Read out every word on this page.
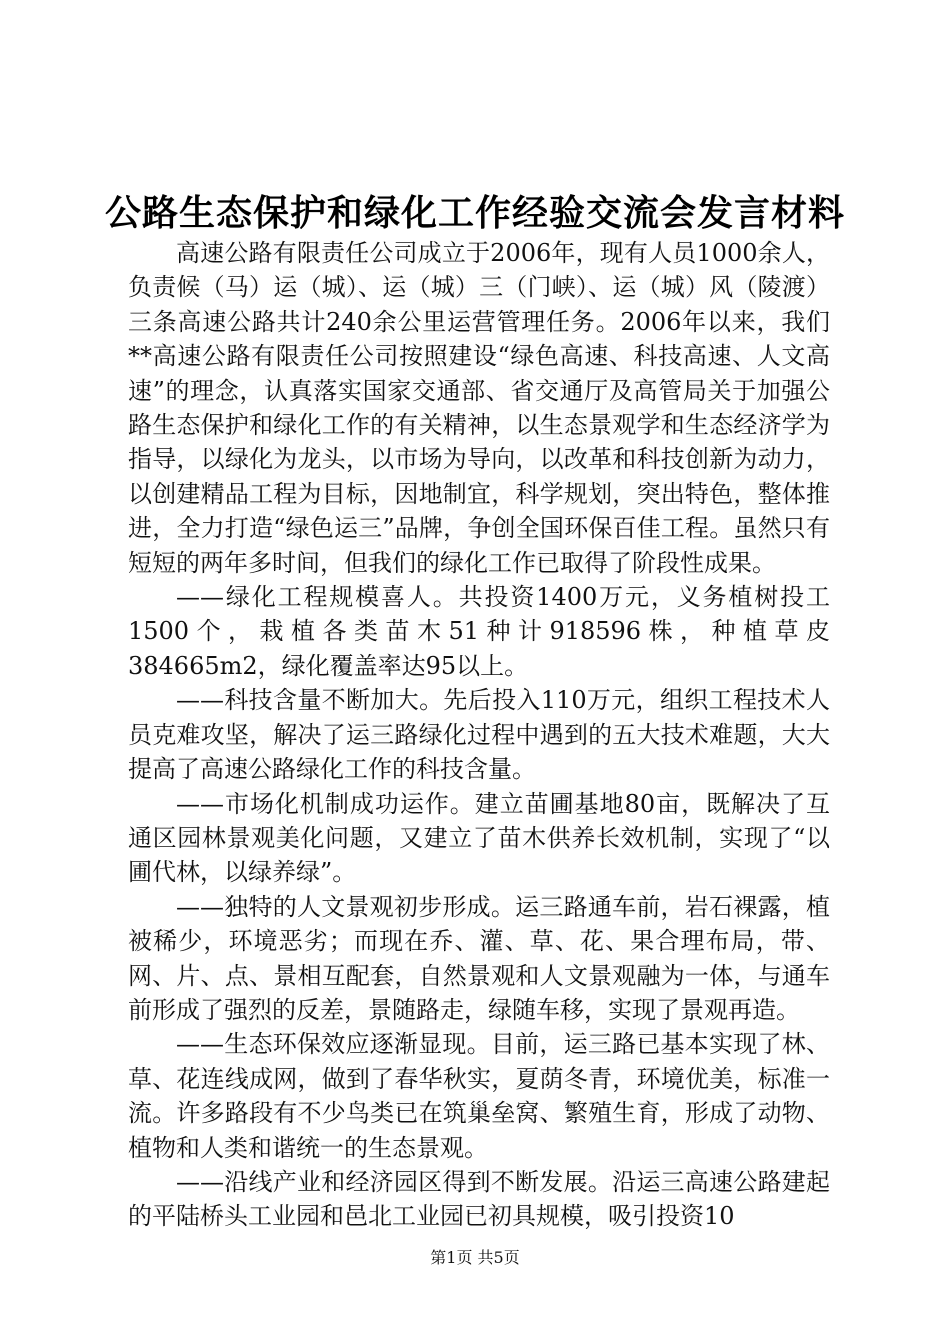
公路生态保护和绿化工作经验交流会发言材料

高速公路有限责任公司成立于2006年，现有人员1000余人，负责候（马）运（城）、运（城）三（门峡）、运（城）风（陵渡）三条高速公路共计240余公里运营管理任务。2006年以来，我们**高速公路有限责任公司按照建设“绿色高速、科技高速、人文高速”的理念，认真落实国家交通部、省交通厅及高管局关于加强公路生态保护和绿化工作的有关精神，以生态景观学和生态经济学为指导，以绿化为龙头，以市场为导向，以改革和科技创新为动力，以创建精品工程为目标，因地制宜，科学规划，突出特色，整体推进，全力打造“绿色运三”品牌，争创全国环保百佳工程。虽然只有短短的两年多时间，但我们的绿化工作已取得了阶段性成果。

——绿化工程规模喜人。共投资1400万元，义务植树投工1500个，栽植各类苗木51种计918596株，种植草皮384665m2，绿化覆盖率达95以上。

——科技含量不断加大。先后投入110万元，组织工程技术人员克难攻坚，解决了运三路绿化过程中遇到的五大技术难题，大大提高了高速公路绿化工作的科技含量。

——市场化机制成功运作。建立苗圃基地80亩，既解决了互通区园林景观美化问题，又建立了苗木供养长效机制，实现了“以圃代林，以绿养绿”。

——独特的人文景观初步形成。运三路通车前，岩石裸露，植被稀少，环境恶劣；而现在乔、灌、草、花、果合理布局，带、网、片、点、景相互配套，自然景观和人文景观融为一体，与通车前形成了强烈的反差，景随路走，绿随车移，实现了景观再造。

——生态环保效应逐渐显现。目前，运三路已基本实现了林、草、花连线成网，做到了春华秋实，夏荫冬青，环境优美，标准一流。许多路段有不少鸟类已在筑巢垒窝、繁殖生育，形成了动物、植物和人类和谐统一的生态景观。

——沿线产业和经济园区得到不断发展。沿运三高速公路建起的平陆桥头工业园和邑北工业园已初具规模，吸引投资10

第1页 共5页
